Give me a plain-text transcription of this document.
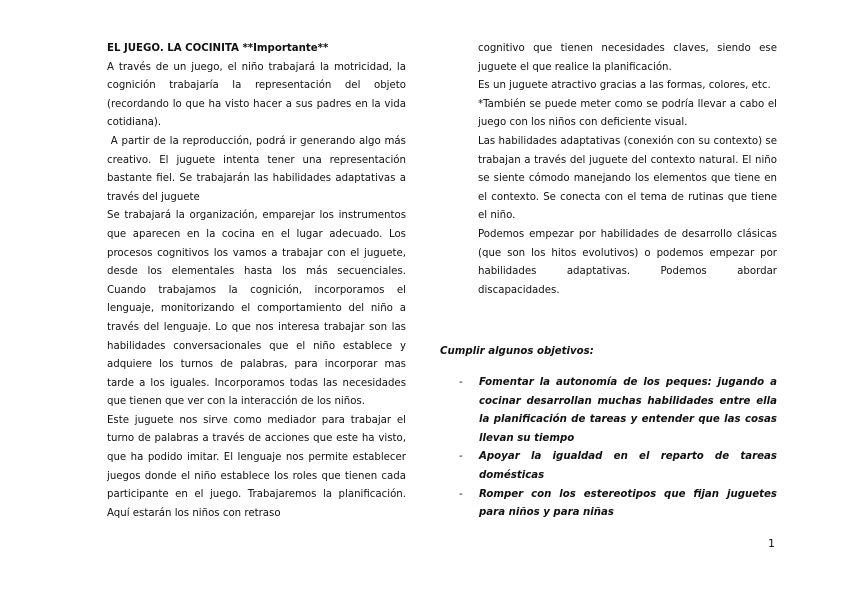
EL JUEGO. LA COCINITA **Importante**

A través de un juego, el niño trabajará la motricidad, la cognición trabajaría la representación del objeto (recordando lo que ha visto hacer a sus padres en la vida cotidiana).

A partir de la reproducción, podrá ir generando algo más creativo. El juguete intenta tener una representación bastante fiel. Se trabajarán las habilidades adaptativas a través del juguete

Se trabajará la organización, emparejar los instrumentos que aparecen en la cocina en el lugar adecuado. Los procesos cognitivos los vamos a trabajar con el juguete, desde los elementales hasta los más secuenciales. Cuando trabajamos la cognición, incorporamos el lenguaje, monitorizando el comportamiento del niño a través del lenguaje. Lo que nos interesa trabajar son las habilidades conversacionales que el niño establece y adquiere los turnos de palabras, para incorporar mas tarde a los iguales. Incorporamos todas las necesidades que tienen que ver con la interacción de los niños.

Este juguete nos sirve como mediador para trabajar el turno de palabras a través de acciones que este ha visto, que ha podido imitar. El lenguaje nos permite establecer juegos donde el niño establece los roles que tienen cada participante en el juego. Trabajaremos la planificación. Aquí estarán los niños con retraso

cognitivo que tienen necesidades claves, siendo ese juguete el que realice la planificación.

Es un juguete atractivo gracias a las formas, colores, etc.

*También se puede meter como se podría llevar a cabo el juego con los niños con deficiente visual.

Las habilidades adaptativas (conexión con su contexto) se trabajan a través del juguete del contexto natural. El niño se siente cómodo manejando los elementos que tiene en el contexto. Se conecta con el tema de rutinas que tiene el niño.

Podemos empezar por habilidades de desarrollo clásicas (que son los hitos evolutivos) o podemos empezar por habilidades adaptativas. Podemos abordar discapacidades.

Cumplir algunos objetivos:
- Fomentar la autonomía de los peques: jugando a cocinar desarrollan muchas habilidades entre ella la planificación de tareas y entender que las cosas llevan su tiempo
- Apoyar la igualdad en el reparto de tareas domésticas
- Romper con los estereotipos que fijan juguetes para niños y para niñas
1
